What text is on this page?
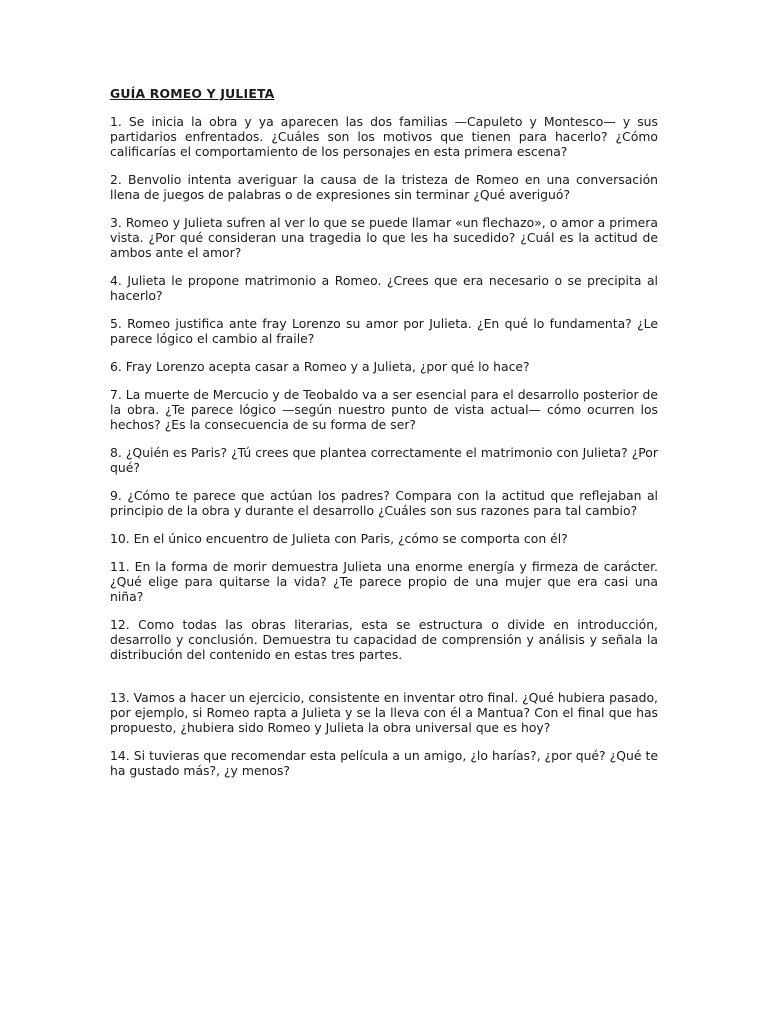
GUÍA ROMEO Y JULIETA

1. Se inicia la obra y ya aparecen las dos familias —Capuleto y Montesco— y sus partidarios enfrentados. ¿Cuáles son los motivos que tienen para hacerlo? ¿Cómo calificarías el comportamiento de los personajes en esta primera escena?

2. Benvolio intenta averiguar la causa de la tristeza de Romeo en una conversación llena de juegos de palabras o de expresiones sin terminar ¿Qué averiguó?

3. Romeo y Julieta sufren al ver lo que se puede llamar «un flechazo», o amor a primera vista. ¿Por qué consideran una tragedia lo que les ha sucedido? ¿Cuál es la actitud de ambos ante el amor?

4. Julieta le propone matrimonio a Romeo. ¿Crees que era necesario o se precipita al hacerlo?

5. Romeo justifica ante fray Lorenzo su amor por Julieta. ¿En qué lo fundamenta? ¿Le parece lógico el cambio al fraile?

6. Fray Lorenzo acepta casar a Romeo y a Julieta, ¿por qué lo hace?

7. La muerte de Mercucio y de Teobaldo va a ser esencial para el desarrollo posterior de la obra. ¿Te parece lógico —según nuestro punto de vista actual— cómo ocurren los hechos? ¿Es la consecuencia de su forma de ser?

8. ¿Quién es Paris? ¿Tú crees que plantea correctamente el matrimonio con Julieta? ¿Por qué?

9. ¿Cómo te parece que actúan los padres? Compara con la actitud que reflejaban al principio de la obra y durante el desarrollo ¿Cuáles son sus razones para tal cambio?

10. En el único encuentro de Julieta con Paris, ¿cómo se comporta con él?

11. En la forma de morir demuestra Julieta una enorme energía y firmeza de carácter. ¿Qué elige para quitarse la vida? ¿Te parece propio de una mujer que era casi una niña?

12. Como todas las obras literarias, esta se estructura o divide en introducción, desarrollo y conclusión. Demuestra tu capacidad de comprensión y análisis y señala la distribución del contenido en estas tres partes.

13. Vamos a hacer un ejercicio, consistente en inventar otro final. ¿Qué hubiera pasado, por ejemplo, si Romeo rapta a Julieta y se la lleva con él a Mantua? Con el final que has propuesto, ¿hubiera sido Romeo y Julieta la obra universal que es hoy?

14. Si tuvieras que recomendar esta película a un amigo, ¿lo harías?, ¿por qué? ¿Qué te ha gustado más?, ¿y menos?
